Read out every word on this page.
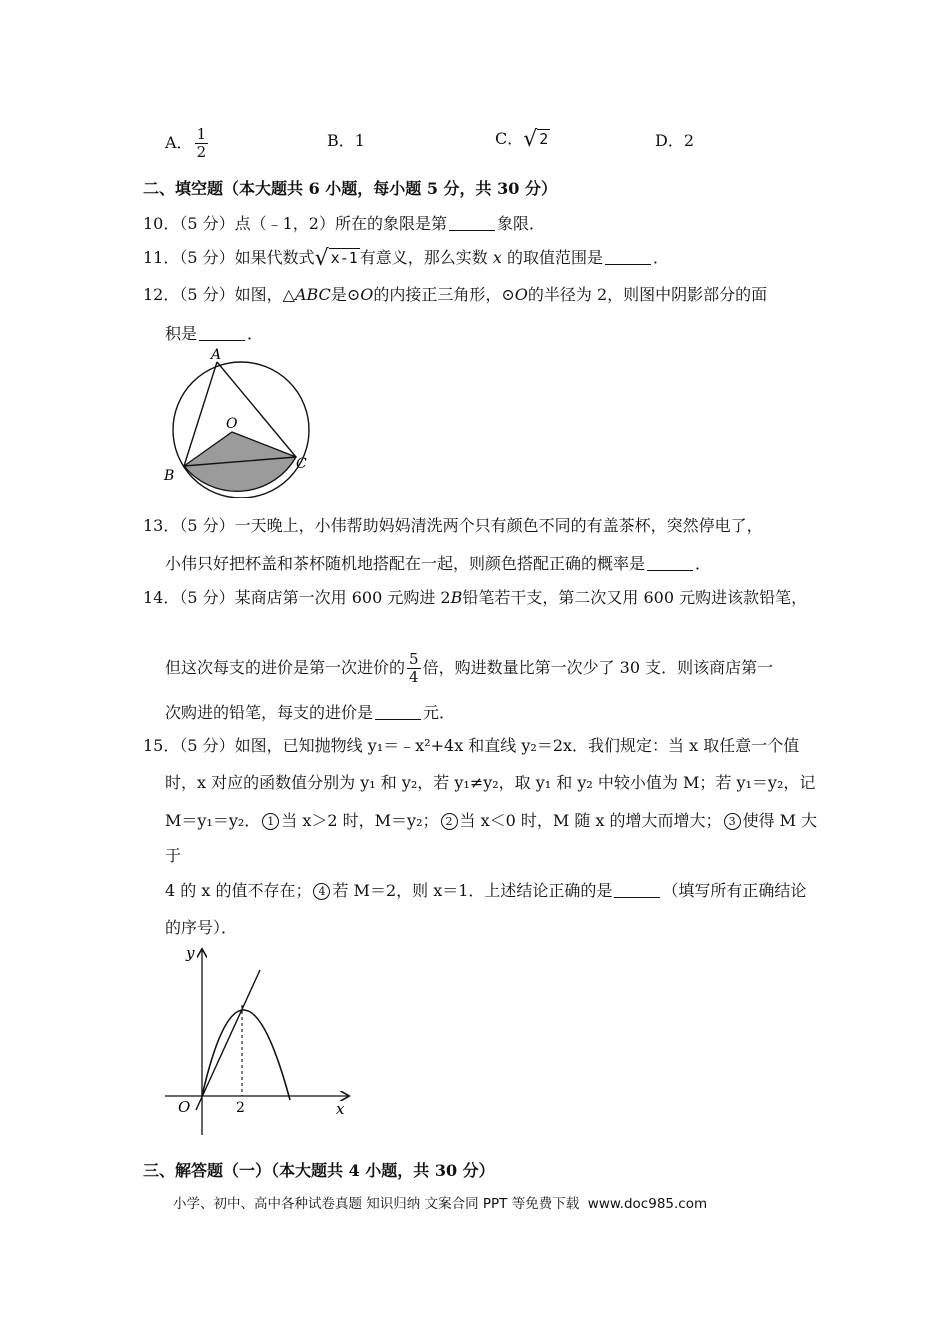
A． $\frac{1}{2}$	B．1	C．√ 2	D．2
二、填空题（本大题共 6 小题，每小题 5 分，共 30 分）
10．（5 分）点（﹣1，2）所在的象限是第	象限．
11．（5 分）如果代数式√ x-1 有意义，那么实数 x 的取值范围是	．
12．（5 分）如图，△ABC是⊙O的内接正三角形，⊙O的半径为 2，则图中阴影部分的面
积是	．
A
O
B
C
13．（5 分）一天晚上，小伟帮助妈妈清洗两个只有颜色不同的有盖茶杯，突然停电了，
小伟只好把杯盖和茶杯随机地搭配在一起，则颜色搭配正确的概率是	．
14．（5 分）某商店第一次用 600 元购进 2B铅笔若干支，第二次又用 600 元购进该款铅笔，
但这次每支的进价是第一次进价的 $\frac{5}{4}$ 倍，购进数量比第一次少了 30 支．则该商店第一
次购进的铅笔，每支的进价是	元．
15．（5 分）如图，已知抛物线 y₁＝﹣x²+4x 和直线 y₂＝2x．我们规定：当 x 取任意一个值
时，x 对应的函数值分别为 y₁ 和 y₂，若 y₁≠y₂，取 y₁ 和 y₂ 中较小值为 M；若 y₁＝y₂，记
M＝y₁＝y₂． 1 当 x＞2 时，M＝y₂； 2 当 x＜0 时，M 随 x 的增大而增大； 3 使得 M 大
于
4 的 x 的值不存在； 4 若 M＝2，则 x＝1．上述结论正确的是	（填写所有正确结论
的序号）．
y
x
O	2
三、解答题（一）（本大题共 4 小题，共 30 分）
小学、初中、高中各种试卷真题 知识归纳 文案合同 PPT 等免费下载 www.doc985.com
